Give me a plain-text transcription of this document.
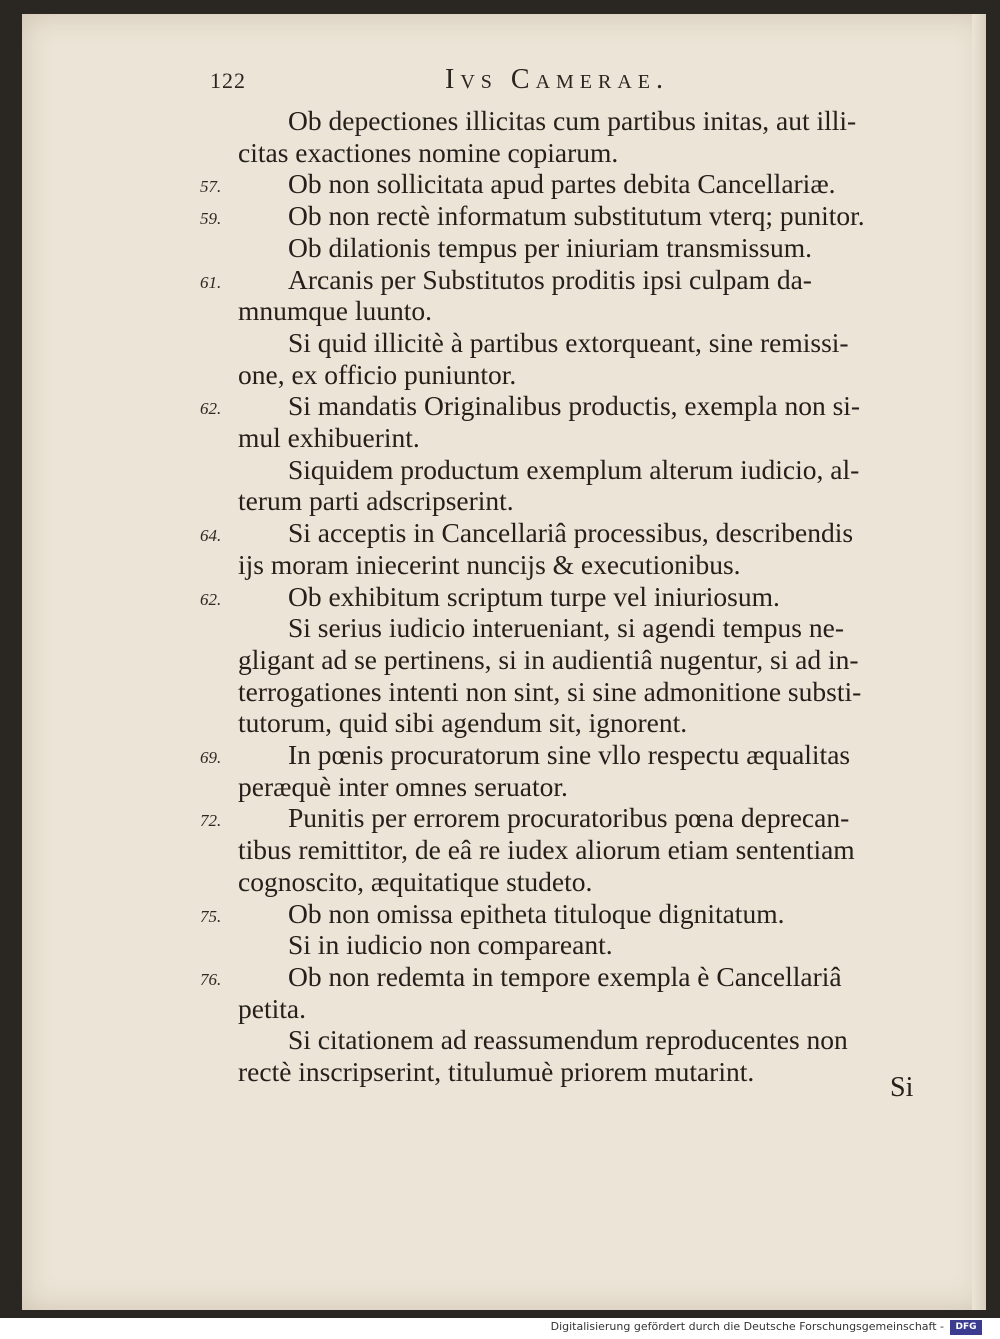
122	Ivs Camerae.
Ob depectiones illicitas cum partibus initas, aut illi-
citas exactiones nomine copiarum.
Ob non sollicitata apud partes debita Cancellariæ.
57.
Ob non rectè informatum substitutum vterq; punitor.
59.
Ob dilationis tempus per iniuriam transmissum.
Arcanis per Substitutos proditis ipsi culpam da-
61.
mnumque luunto.
Si quid illicitè à partibus extorqueant, sine remissi-
one, ex officio puniuntor.
Si mandatis Originalibus productis, exempla non si-
62.
mul exhibuerint.
Siquidem productum exemplum alterum iudicio, al-
terum parti adscripserint.
Si acceptis in Cancellariâ processibus, describendis
64.
ijs moram iniecerint nuncijs & executionibus.
Ob exhibitum scriptum turpe vel iniuriosum.
62.
Si serius iudicio interueniant, si agendi tempus ne-
gligant ad se pertinens, si in audientiâ nugentur, si ad in-
terrogationes intenti non sint, si sine admonitione substi-
tutorum, quid sibi agendum sit, ignorent.
In pœnis procuratorum sine vllo respectu æqualitas
69.
peræquè inter omnes seruator.
Punitis per errorem procuratoribus pœna deprecan-
72.
tibus remittitor, de eâ re iudex aliorum etiam sententiam
cognoscito, æquitatique studeto.
Ob non omissa epitheta tituloque dignitatum.
75.
Si in iudicio non compareant.
Ob non redemta in tempore exempla è Cancellariâ
76.
petita.
Si citationem ad reassumendum reproducentes non
rectè inscripserint, titulumuè priorem mutarint.
Si
Digitalisierung gefördert durch die Deutsche Forschungsgemeinschaft -	DFG
